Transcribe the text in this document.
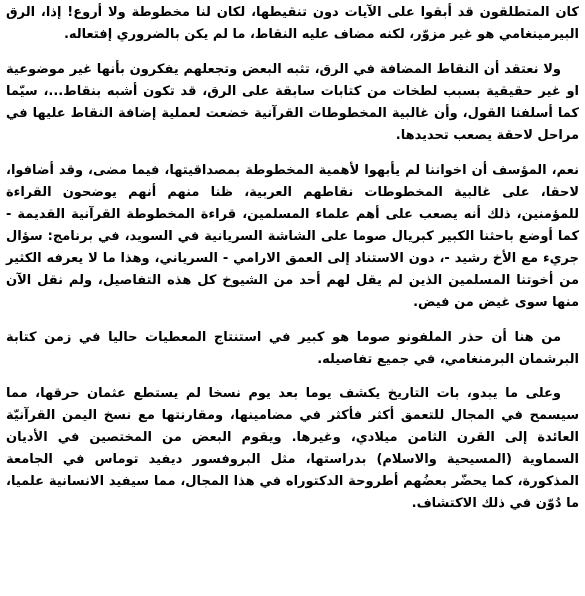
كان المتطلقون قد أبقوا على الآيات دون تنقيطها، لكان لنا مخطوطة ولا أروع! إذا، الرق البيرمينغامي هو غير مزوّر، لكنه مضاف عليه النقاط، ما لم يكن بالضروري إفتعاله.

ولا نعتقد أن النقاط المضافة في الرق، تثبه البعض وتجعلهم يفكرون بأنها غير موضوعية او غير حقيقية بسبب لطخات من كتابات سابقة على الرق، قد تكون أشبه بنقاط...، سيّما كما أسلفنا القول، وأن غالبية المخطوطات القرآنية خضعت لعملية إضافة النقاط عليها في مراحل لاحقة يصعب تحديدها.

نعم، المؤسف أن اخواننا لم يأبهوا لأهمية المخطوطة بمصداقيتها، فيما مضى، وقد أضافوا، لاحقا، على غالبية المخطوطات نقاطهم العربية، ظنا منهم أنهم يوضحون القراءة للمؤمنين، ذلك أنه يصعب على أهم علماء المسلمين، قراءة المخطوطة القرآنية القديمة - كما أوضع باحثنا الكبير كبريال صوما على الشاشة السريانية في السويد، في برنامج: سؤال جريء مع الأخ رشيد -، دون الاستناد إلى العمق الارامي - السرياني، وهذا ما لا يعرفه الكثير من أخوتنا المسلمين الذين لم يقل لهم أحد من الشيوخ كل هذه التفاصيل، ولم نقل الآن منها سوى غيض من فيض.

من هنا أن حذر الملفونو صوما هو كبير في استنتاج المعطيات حاليا في زمن كتابة البرشمان البرمنغامي، في جميع تفاصيله.

وعلى ما يبدو، بات التاريخ يكشف يوما بعد يوم نسخا لم يستطع عثمان حرقها، مما سيسمح في المجال للتعمق أكثر فأكثر في مضامينها، ومقارنتها مع نسخ اليمن القرآنيّة العائدة إلى القرن الثامن ميلادي، وغيرها. ويقوم البعض من المختصين في الأديان السماوية (المسيحية والاسلام) بدراستها، مثل البروفسور ديفيد توماس في الجامعة المذكورة، كما يحضّر بعضُهم أطروحة الدكتوراه في هذا المجال، مما سيفيد الانسانية علميا، ما دُوّن في ذلك الاكتشاف.
